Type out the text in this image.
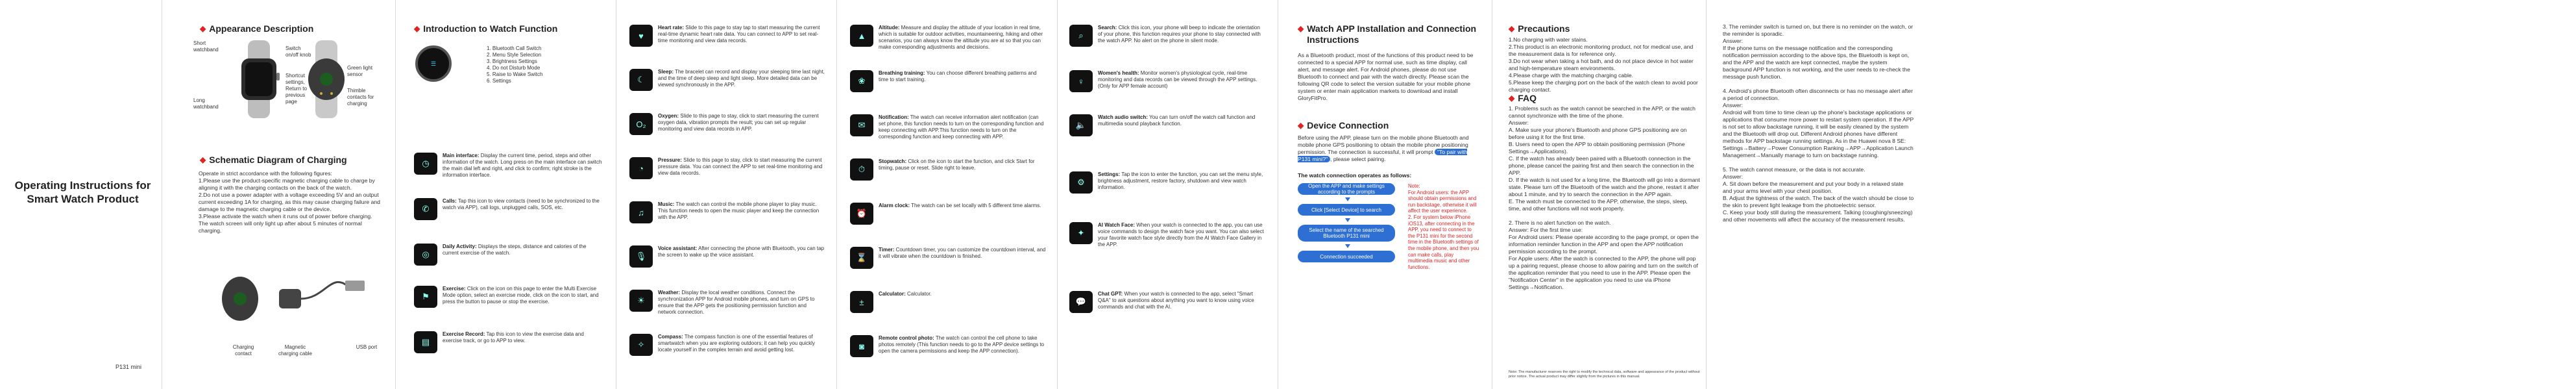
Operating Instructions for Smart Watch Product
P131 mini
◆ Appearance Description
Short watchband
Long watchband
Switch on/off knob
Shortcut settings, Return to previous page
Green light sensor
Thimble contacts for charging
◆ Schematic Diagram of Charging
Operate in strict accordance with the following figures:
1.Please use the product-specific magnetic charging cable to charge by aligning it with the charging contacts on the back of the watch.
2.Do not use a power adapter with a voltage exceeding 5V and an output current exceeding 1A for charging, as this may cause charging failure and damage to the magnetic charging cable or the device.
3.Please activate the watch when it runs out of power before charging. The watch screen will only light up after about 5 minutes of normal charging.
Charging contact
Magnetic charging cable
USB port
◆ Introduction to Watch Function
☰
1. Bluetooth Call Switch
2. Menu Style Selection
3. Brightness Settings
4. Do not Disturb Mode
5. Raise to Wake Switch
6. Settings
◷
Main interface: Display the current time, period, steps and other information of the watch. Long press on the main interface can switch the main dial left and right, and click to confirm; right stroke is the information interface.
✆
Calls: Tap this icon to view contacts (need to be synchronized to the watch via APP), call logs, unplugged calls, SOS, etc.
◎
Daily Activity: Displays the steps, distance and calories of the current exercise of the watch.
⚑
Exercise: Click on the icon on this page to enter the Multi Exercise Mode option, select an exercise mode, click on the icon to start, and press the button to pause or stop the exercise.
▤
Exercise Record: Tap this icon to view the exercise data and exercise track, or go to APP to view.
♥
Heart rate: Slide to this page to stay tap to start measuring the current real-time dynamic heart rate data. You can connect to APP to set real-time monitoring and view data records.
☾
Sleep: The bracelet can record and display your sleeping time last night, and the time of deep sleep and light sleep. More detailed data can be viewed synchronously in the APP.
O₂
Oxygen: Slide to this page to stay, click to start measuring the current oxygen data, vibration prompts the result; you can set up regular monitoring and view data records in APP.
◔
Pressure: Slide to this page to stay, click to start measuring the current pressure data. You can connect the APP to set real-time monitoring and view data records.
♫
Music: The watch can control the mobile phone player to play music. This function needs to open the music player and keep the connection with the APP.
🎙
Voice assistant: After connecting the phone with Bluetooth, you can tap the screen to wake up the voice assistant.
☀
Weather: Display the local weather conditions. Connect the synchronization APP for Android mobile phones, and turn on GPS to ensure that the APP gets the positioning permission function and network connection.
✧
Compass: The compass function is one of the essential features of smartwatch when you are exploring outdoors; it can help you quickly locate yourself in the complex terrain and avoid getting lost.
▲
Altitude: Measure and display the altitude of your location in real time, which is suitable for outdoor activities, mountaineering, hiking and other scenarios, you can always know the altitude you are at so that you can make corresponding adjustments and decisions.
❀
Breathing training: You can choose different breathing patterns and time to start training.
✉
Notification: The watch can receive information alert notification (can set phone, this function needs to turn on the corresponding function and keep connecting with APP.This function needs to turn on the corresponding function and keep connecting with APP.
⏱
Stopwatch: Click on the icon to start the function, and click Start for timing, pause or reset. Slide right to leave.
⏰
Alarm clock: The watch can be set locally with 5 different time alarms.
⌛
Timer: Countdown timer, you can customize the countdown interval, and it will vibrate when the countdown is finished.
±
Calculator: Calculator.
◙
Remote control photo: The watch can control the cell phone to take photos remotely (This function needs to go to the APP device settings to open the camera permissions and keep the APP connection).
⌕
Search: Click this icon, your phone will beep to indicate the orientation of your phone, this function requires your phone to stay connected with the watch APP. No alert on the phone in silent mode.
♀
Women's health: Monitor women's physiological cycle, real-time monitoring and data records can be viewed through the APP settings. (Only for APP female account)
🔈
Watch audio switch: You can turn on/off the watch call function and multimedia sound playback function.
⚙
Settings: Tap the icon to enter the function, you can set the menu style, brightness adjustment, restore factory, shutdown and view watch information.
✦
AI Watch Face: When your watch is connected to the app, you can use voice commands to design the watch face you want. You can also select your favorite watch face style directly from the AI Watch Face Gallery in the APP.
💬
Chat GPT: When your watch is connected to the app, select "Smart Q&A" to ask questions about anything you want to know using voice commands and chat with the AI.
◆ Watch APP Installation and Connection Instructions
As a Bluetooth product, most of the functions of this product need to be connected to a special APP for normal use, such as time display, call alert, and message alert. For Android phones, please do not use Bluetooth to connect and pair with the watch directly. Please scan the following QR code to select the version suitable for your mobile phone system or enter main application markets to download and install GloryFitPro.
◆ Device Connection
Before using the APP, please turn on the mobile phone Bluetooth and mobile phone GPS positioning to obtain the mobile phone positioning permission. The connection is successful, it will prompt "To pair with P131 mini?" , please select pairing.
The watch connection operates as follows:
Open the APP and make settings according to the prompts
Click [Select Device] to search
Select the name of the searched Bluetooth P131 mini
Connection succeeded
Note:
For Android users: the APP should obtain permissions and run backstage, otherwise it will affect the user experience.
2. For system below iPhone iOS13, after connecting in the APP, you need to connect to the P131 mini for the second time in the Bluetooth settings of the mobile phone, and then you can make calls, play multimedia music and other functions.
◆ Precautions
1.No charging with water stains.
2.This product is an electronic monitoring product, not for medical use, and the measurement data is for reference only.
3.Do not wear when taking a hot bath, and do not place device in hot water and high-temperature steam environments.
4.Please charge with the matching charging cable.
5.Please keep the charging port on the back of the watch clean to avoid poor charging contact.
◆ FAQ
1. Problems such as the watch cannot be searched in the APP, or the watch cannot synchronize with the time of the phone.
Answer:
A. Make sure your phone's Bluetooth and phone GPS positioning are on before using it for the first time.
B. Users need to open the APP to obtain positioning permission (Phone Settings→Applications).
C. If the watch has already been paired with a Bluetooth connection in the phone, please cancel the pairing first and then search the connection in the APP.
D. If the watch is not used for a long time, the Bluetooth will go into a dormant state. Please turn off the Bluetooth of the watch and the phone, restart it after about 1 minute, and try to search the connection in the APP again.
E. The watch must be connected to the APP, otherwise, the steps, sleep, time, and other functions will not work properly.

2. There is no alert function on the watch.
Answer: For the first time use:
For Android users: Please operate according to the page prompt, or open the information reminder function in the APP and open the APP notification permission according to the prompt.
For Apple users: After the watch is connected to the APP, the phone will pop up a pairing request, please choose to allow pairing and turn on the switch of the application reminder that you need to use in the APP. Please open the "Notification Center" in the application you need to use via iPhone Settings→Notification.
Note: The manufacturer reserves the right to modify the technical data, software and appearance of the product without prior notice. The actual product may differ slightly from the pictures in this manual.
3. The reminder switch is turned on, but there is no reminder on the watch, or the reminder is sporadic.
Answer:
If the phone turns on the message notification and the corresponding notification permission according to the above tips, the Bluetooth is kept on, and the APP and the watch are kept connected, maybe the system background APP function is not working, and the user needs to re-check the message push function.

4. Android's phone Bluetooth often disconnects or has no message alert after a period of connection.
Answer:
Android will from time to time clean up the phone's backstage applications or applications that consume more power to restart system operation. If the APP is not set to allow backstage running, it will be easily cleaned by the system and the Bluetooth will drop out. Different Android phones have different methods for APP backstage running settings. As in the Huawei nova 8 SE: Settings→Battery→Power Consumption Ranking→APP→Application Launch Management→Manually manage to turn on backstage running.

5. The watch cannot measure, or the data is not accurate.
Answer:
A. Sit down before the measurement and put your body in a relaxed state and your arms level with your chest position.
B. Adjust the tightness of the watch. The back of the watch should be close to the skin to prevent light leakage from the photoelectric sensor.
C. Keep your body still during the measurement. Talking (coughing/sneezing) and other movements will affect the accuracy of the measurement results.
